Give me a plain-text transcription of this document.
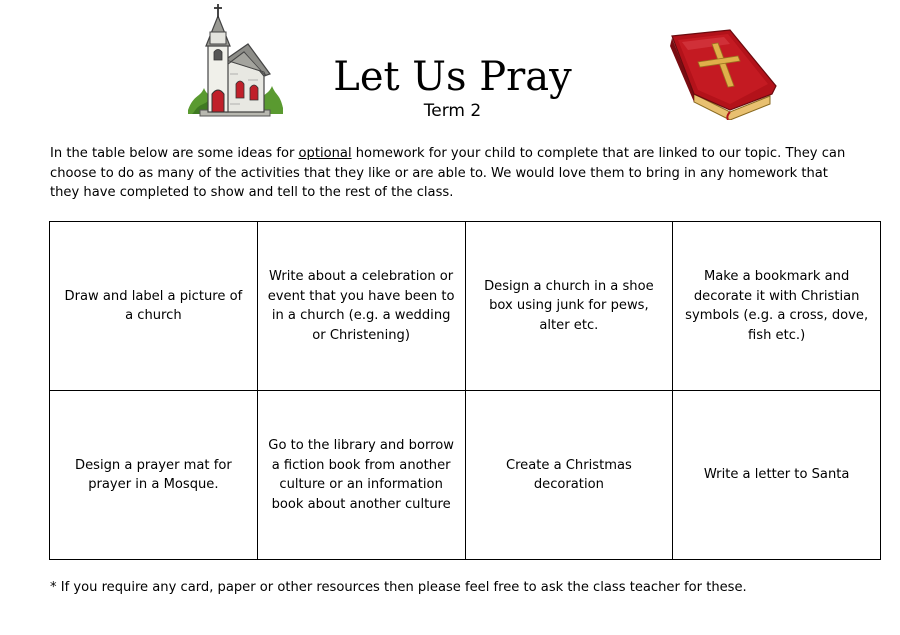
Let Us Pray
Term 2

In the table below are some ideas for optional homework for your child to complete that are linked to our topic. They can choose to do as many of the activities that they like or are able to. We would love them to bring in any homework that they have completed to show and tell to the rest of the class.

Draw and label a picture of a church	Write about a celebration or event that you have been to in a church (e.g. a wedding or Christening)	Design a church in a shoe box using junk for pews, alter etc.	Make a bookmark and decorate it with Christian symbols (e.g. a cross, dove, fish etc.)
Design a prayer mat for prayer in a Mosque.	Go to the library and borrow a fiction book from another culture or an information book about another culture	Create a Christmas decoration	Write a letter to Santa

* If you require any card, paper or other resources then please feel free to ask the class teacher for these.
